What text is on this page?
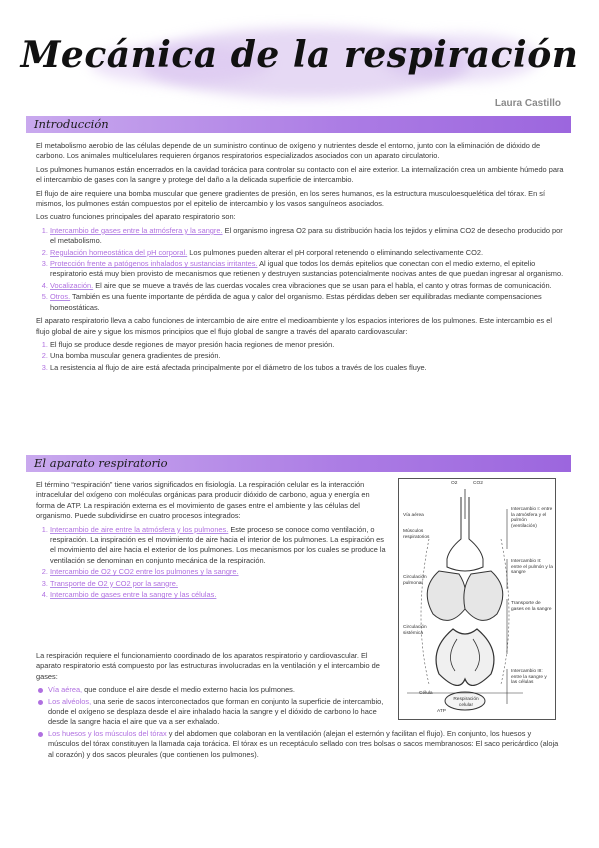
Mecánica de la respiración
Laura Castillo
Introducción

El metabolismo aerobio de las células depende de un suministro continuo de oxígeno y nutrientes desde el entorno, junto con la eliminación de dióxido de carbono. Los animales multicelulares requieren órganos respiratorios especializados asociados con un aparato circulatorio.

Los pulmones humanos están encerrados en la cavidad torácica para controlar su contacto con el aire exterior. La internalización crea un ambiente húmedo para el intercambio de gases con la sangre y protege del daño a la delicada superficie de intercambio.

El flujo de aire requiere una bomba muscular que genere gradientes de presión, en los seres humanos, es la estructura musculoesquelética del tórax. En sí mismos, los pulmones están compuestos por el epitelio de intercambio y los vasos sanguíneos asociados.

Los cuatro funciones principales del aparato respiratorio son:

1. Intercambio de gases entre la atmósfera y la sangre. El organismo ingresa O2 para su distribución hacia los tejidos y elimina CO2 de desecho producido por el metabolismo.
2. Regulación homeostática del pH corporal. Los pulmones pueden alterar el pH corporal retenendo o eliminando selectivamente CO2.
3. Protección frente a patógenos inhalados y sustancias irritantes. Al igual que todos los demás epitelios que conectan con el medio externo, el epitelio respiratorio está muy bien provisto de mecanismos que retienen y destruyen sustancias potencialmente nocivas antes de que puedan ingresar al organismo.
4. Vocalización. El aire que se mueve a través de las cuerdas vocales crea vibraciones que se usan para el habla, el canto y otras formas de comunicación.
5. Otros. También es una fuente importante de pérdida de agua y calor del organismo. Estas pérdidas deben ser equilibradas mediante compensaciones homeostáticas.

El aparato respiratorio lleva a cabo funciones de intercambio de aire entre el medioambiente y los espacios interiores de los pulmones. Este intercambio es el flujo global de aire y sigue los mismos principios que el flujo global de sangre a través del aparato cardiovascular:

1. El flujo se produce desde regiones de mayor presión hacia regiones de menor presión.
2. Una bomba muscular genera gradientes de presión.
3. La resistencia al flujo de aire está afectada principalmente por el diámetro de los tubos a través de los cuales fluye.
El aparato respiratorio

El término “respiración” tiene varios significados en fisiología. La respiración celular es la interacción intracelular del oxígeno con moléculas orgánicas para producir dióxido de carbono, agua y energía en forma de ATP. La respiración externa es el movimiento de gases entre el ambiente y las células del organismo. Puede subdividirse en cuatro procesos integrados:

1. Intercambio de aire entre la atmósfera y los pulmones. Este proceso se conoce como ventilación, o respiración. La inspiración es el movimiento de aire hacia el interior de los pulmones. La espiración es el movimiento del aire hacia el exterior de los pulmones. Los mecanismos por los cuales se produce la ventilación se denominan en conjunto mecánica de la respiración.
2. Intercambio de O2 y CO2 entre los pulmones y la sangre.
3. Transporte de O2 y CO2 por la sangre.
4. Intercambio de gases entre la sangre y las células.

La respiración requiere el funcionamiento coordinado de los aparatos respiratorio y cardiovascular. El aparato respiratorio está compuesto por las estructuras involucradas en la ventilación y el intercambio de gases:

Vía aérea, que conduce el aire desde el medio externo hacia los pulmones.
Los alvéolos, una serie de sacos interconectados que forman en conjunto la superficie de intercambio, donde el oxígeno se desplaza desde el aire inhalado hacia la sangre y el dióxido de carbono lo hace desde la sangre hacia el aire que va a ser exhalado.
Los huesos y los músculos del tórax y del abdomen que colaboran en la ventilación (alejan el esternón y facilitan el flujo). En conjunto, los huesos y músculos del tórax constituyen la llamada caja torácica. El tórax es un receptáculo sellado con tres bolsas o sacos membranosos: El saco pericárdico (aloja al corazón) y dos sacos pleurales (que contienen los pulmones).
O2	CO2
Vía aérea
Músculos respiratorios
Circulación pulmonar
Circulación sistémica
Célula
Respiración celular
ATP
Intercambio I: entre la atmósfera y el pulmón (ventilación)
Intercambio II: entre el pulmón y la sangre
Transporte de gases en la sangre
Intercambio III: entre la sangre y las células
